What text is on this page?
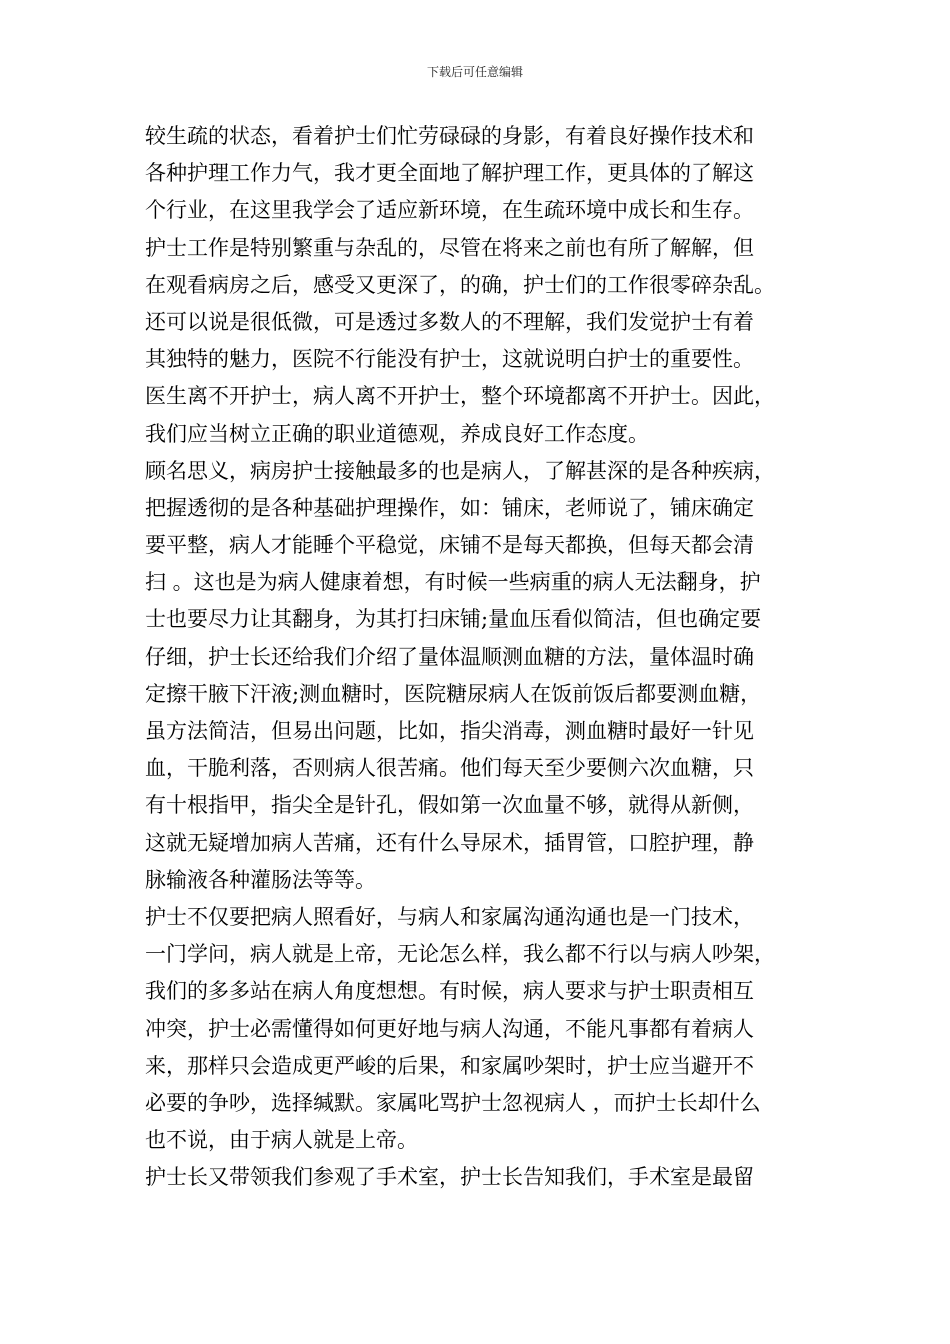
下载后可任意编辑
较生疏的状态，看着护士们忙劳碌碌的身影，有着良好操作技术和
各种护理工作力气，我才更全面地了解护理工作，更具体的了解这
个行业，在这里我学会了适应新环境，在生疏环境中成长和生存。
护士工作是特别繁重与杂乱的，尽管在将来之前也有所了解解，但
在观看病房之后，感受又更深了，的确，护士们的工作很零碎杂乱。
还可以说是很低微，可是透过多数人的不理解，我们发觉护士有着
其独特的魅力，医院不行能没有护士，这就说明白护士的重要性。
医生离不开护士，病人离不开护士，整个环境都离不开护士。因此，
我们应当树立正确的职业道德观，养成良好工作态度。
顾名思义，病房护士接触最多的也是病人，了解甚深的是各种疾病，
把握透彻的是各种基础护理操作，如：铺床，老师说了，铺床确定
要平整，病人才能睡个平稳觉，床铺不是每天都换，但每天都会清
扫 。这也是为病人健康着想，有时候一些病重的病人无法翻身，护
士也要尽力让其翻身，为其打扫床铺;量血压看似简洁，但也确定要
仔细，护士长还给我们介绍了量体温顺测血糖的方法，量体温时确
定擦干腋下汗液;测血糖时，医院糖尿病人在饭前饭后都要测血糖，
虽方法简洁，但易出问题，比如，指尖消毒，测血糖时最好一针见
血，干脆利落，否则病人很苦痛。他们每天至少要侧六次血糖，只
有十根指甲，指尖全是针孔，假如第一次血量不够，就得从新侧，
这就无疑增加病人苦痛，还有什么导尿术，插胃管，口腔护理，静
脉输液各种灌肠法等等。
护士不仅要把病人照看好，与病人和家属沟通沟通也是一门技术，
一门学问，病人就是上帝，无论怎么样，我么都不行以与病人吵架，
我们的多多站在病人角度想想。有时候，病人要求与护士职责相互
冲突，护士必需懂得如何更好地与病人沟通，不能凡事都有着病人
来，那样只会造成更严峻的后果，和家属吵架时，护士应当避开不
必要的争吵，选择缄默。家属叱骂护士忽视病人 ，而护士长却什么
也不说，由于病人就是上帝。
护士长又带领我们参观了手术室，护士长告知我们，手术室是最留
